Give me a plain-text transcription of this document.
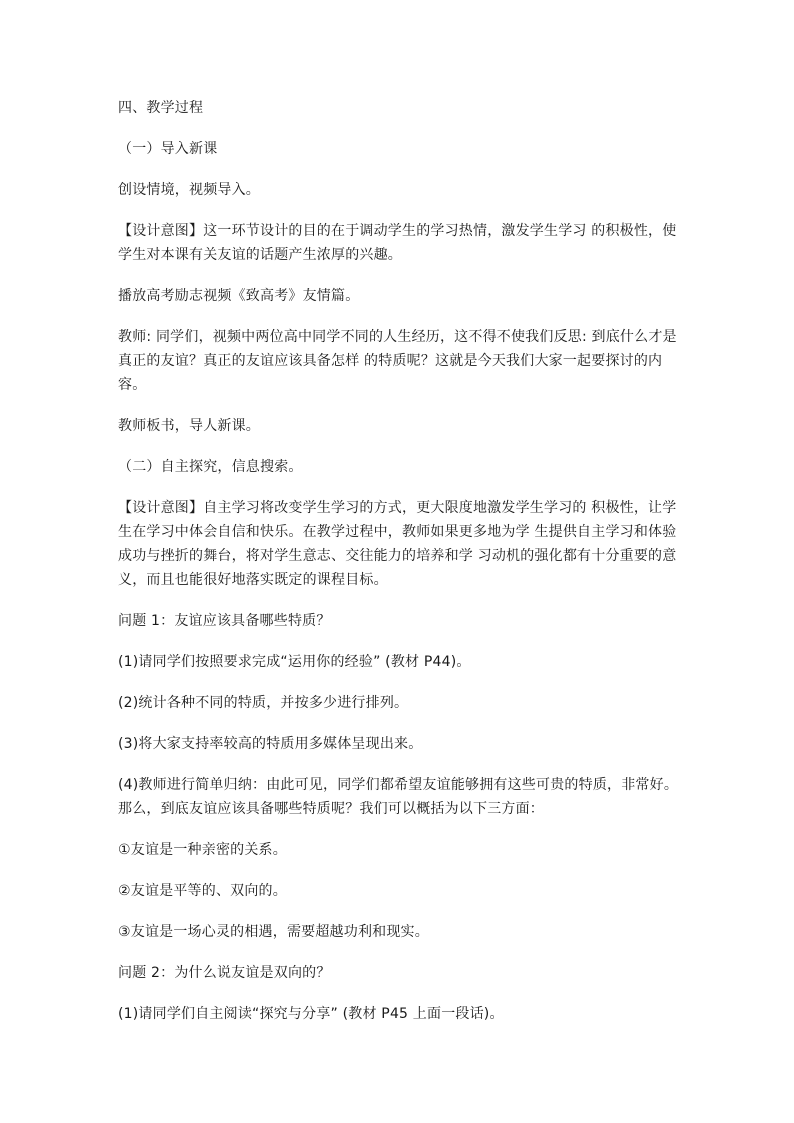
四、教学过程

（一）导入新课

创设情境，视频导入。

【设计意图】这一环节设计的目的在于调动学生的学习热情，激发学生学习 的积极性，使学生对本课有关友谊的话题产生浓厚的兴趣。

播放高考励志视频《致高考》友情篇。

教师: 同学们，视频中两位高中同学不同的人生经历，这不得不使我们反思: 到底什么才是真正的友谊？真正的友谊应该具备怎样 的特质呢？这就是今天我们大家一起要探讨的内容。

教师板书，导人新课。

（二）自主探究，信息搜索。

【设计意图】自主学习将改变学生学习的方式，更大限度地激发学生学习的 积极性，让学生在学习中体会自信和快乐。在教学过程中，教师如果更多地为学 生提供自主学习和体验成功与挫折的舞台，将对学生意志、交往能力的培养和学 习动机的强化都有十分重要的意义，而且也能很好地落实既定的课程目标。

问题 1：友谊应该具备哪些特质？

(1)请同学们按照要求完成“运用你的经验” (教材 P44)。

(2)统计各种不同的特质，并按多少进行排列。

(3)将大家支持率较高的特质用多媒体呈现出来。

(4)教师进行简单归纳：由此可见，同学们都希望友谊能够拥有这些可贵的特质，非常好。那么，到底友谊应该具备哪些特质呢？我们可以概括为以下三方面：

①友谊是一种亲密的关系。

②友谊是平等的、双向的。

③友谊是一场心灵的相遇，需要超越功利和现实。

问题 2：为什么说友谊是双向的？

(1)请同学们自主阅读“探究与分享” (教材 P45 上面一段话)。
